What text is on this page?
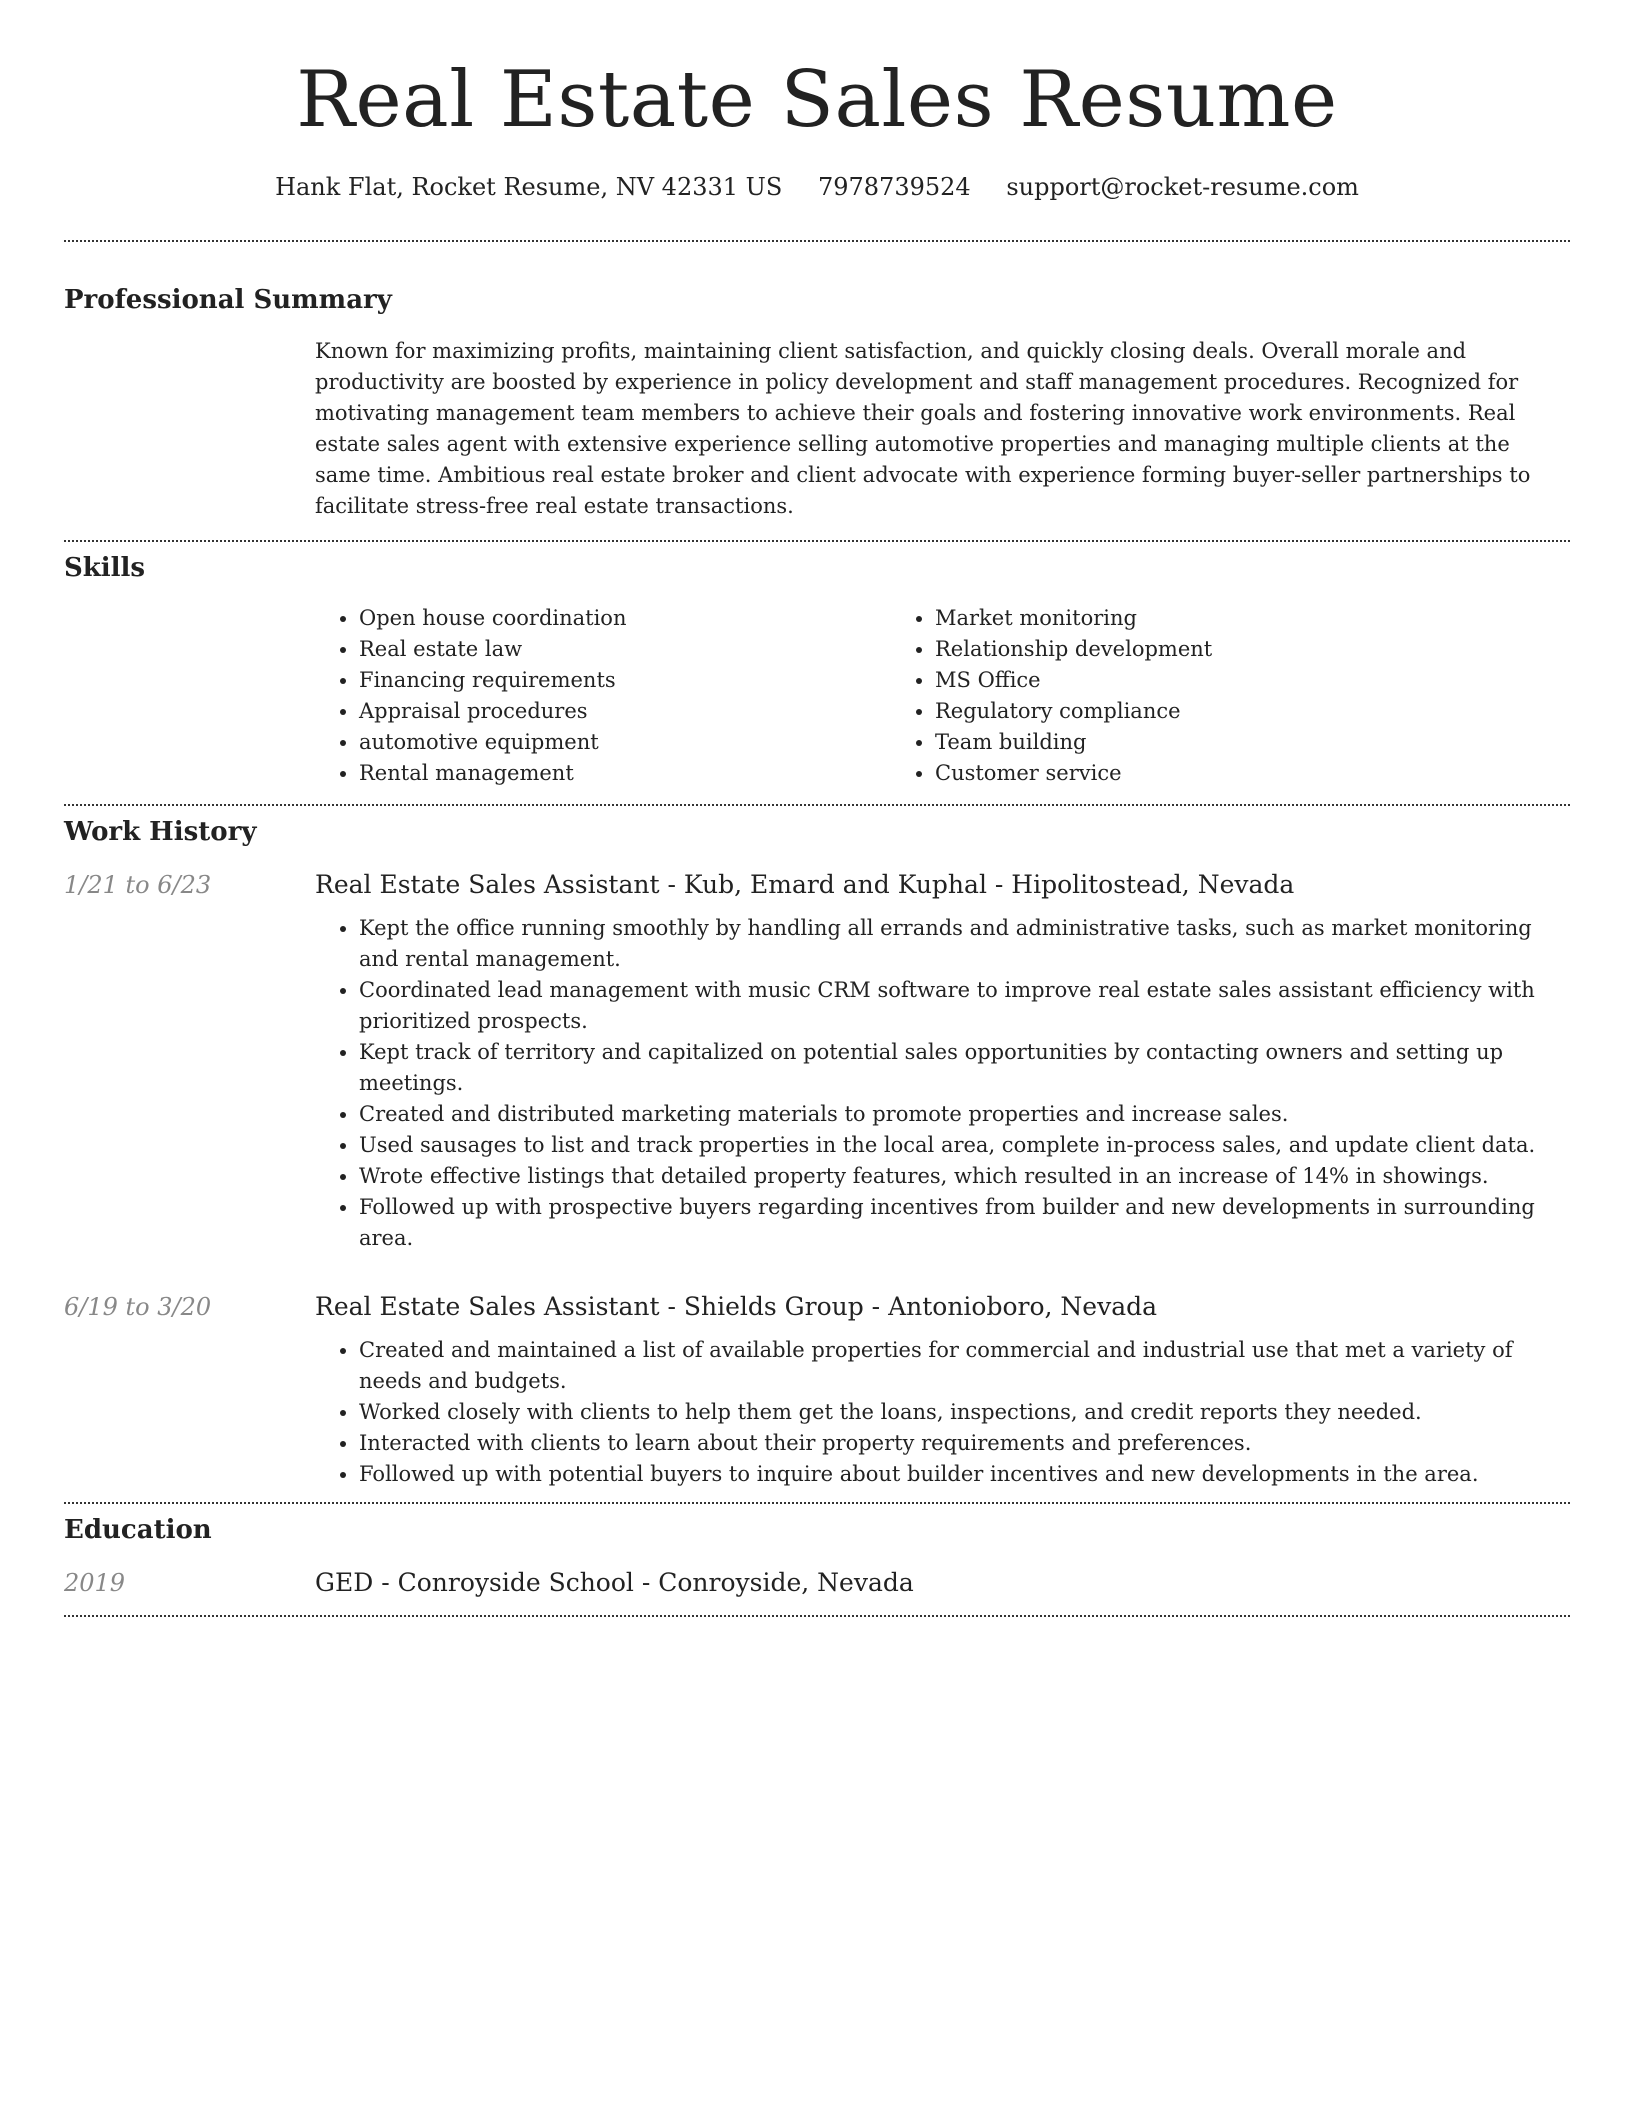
Real Estate Sales Resume
Hank Flat, Rocket Resume, NV 42331 US 7978739524 support@rocket-resume.com
Professional Summary

Known for maximizing profits, maintaining client satisfaction, and quickly closing deals. Overall morale and productivity are boosted by experience in policy development and staff management procedures. Recognized for motivating management team members to achieve their goals and fostering innovative work environments. Real estate sales agent with extensive experience selling automotive properties and managing multiple clients at the same time. Ambitious real estate broker and client advocate with experience forming buyer-seller partnerships to facilitate stress-free real estate transactions.

Skills
• Open house coordination
• Real estate law
• Financing requirements
• Appraisal procedures
• automotive equipment
• Rental management
• Market monitoring
• Relationship development
• MS Office
• Regulatory compliance
• Team building
• Customer service
Work History
1/21 to 6/23	Real Estate Sales Assistant - Kub, Emard and Kuphal - Hipolitostead, Nevada
• Kept the office running smoothly by handling all errands and administrative tasks, such as market monitoring and rental management.
• Coordinated lead management with music CRM software to improve real estate sales assistant efficiency with prioritized prospects.
• Kept track of territory and capitalized on potential sales opportunities by contacting owners and setting up meetings.
• Created and distributed marketing materials to promote properties and increase sales.
• Used sausages to list and track properties in the local area, complete in-process sales, and update client data.
• Wrote effective listings that detailed property features, which resulted in an increase of 14% in showings.
• Followed up with prospective buyers regarding incentives from builder and new developments in surrounding area.
6/19 to 3/20	Real Estate Sales Assistant - Shields Group - Antonioboro, Nevada
• Created and maintained a list of available properties for commercial and industrial use that met a variety of needs and budgets.
• Worked closely with clients to help them get the loans, inspections, and credit reports they needed.
• Interacted with clients to learn about their property requirements and preferences.
• Followed up with potential buyers to inquire about builder incentives and new developments in the area.
Education
2019	GED - Conroyside School - Conroyside, Nevada
